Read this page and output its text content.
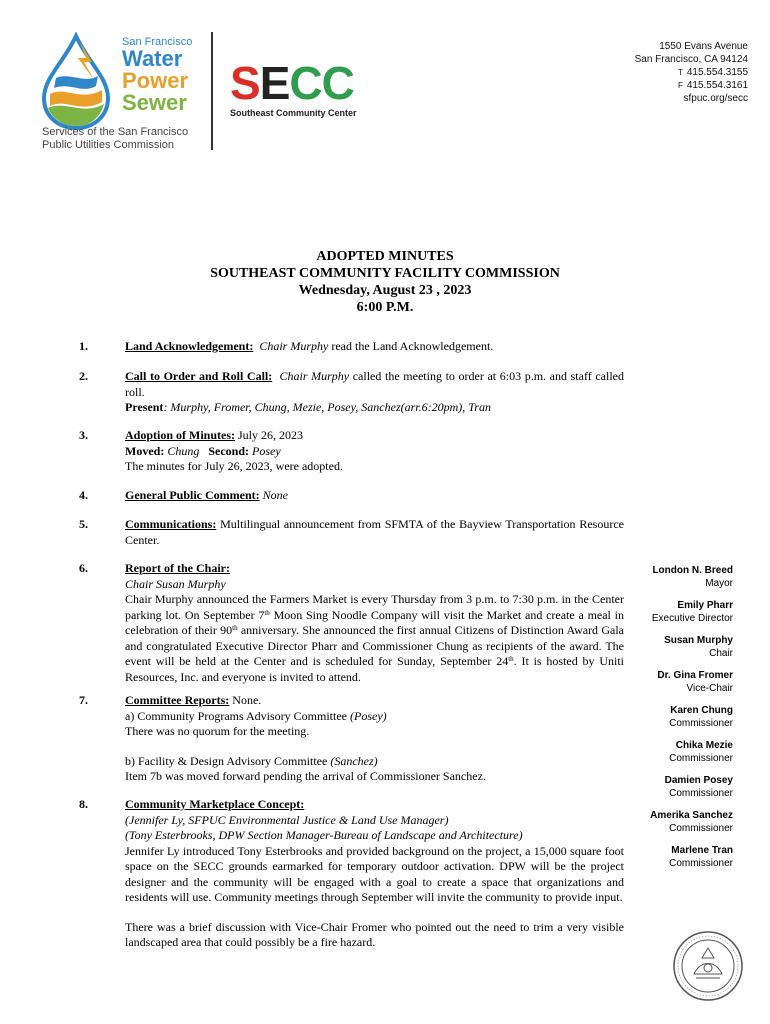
San Francisco
Water
Power
Sewer
Services of the San Francisco
Public Utilities Commission
SECC
Southeast Community Center
1550 Evans Avenue
San Francisco, CA 94124
T 415.554.3155
F 415.554.3161
sfpuc.org/secc
ADOPTED MINUTES
SOUTHEAST COMMUNITY FACILITY COMMISSION
Wednesday, August 23 , 2023
6:00 P.M.
1.	Land Acknowledgement: Chair Murphy read the Land Acknowledgement.
2.	Call to Order and Roll Call: Chair Murphy called the meeting to order at 6:03 p.m. and staff called roll.
Present: Murphy, Fromer, Chung, Mezie, Posey, Sanchez(arr.6:20pm), Tran
3.	Adoption of Minutes: July 26, 2023
Moved: Chung Second: Posey
The minutes for July 26, 2023, were adopted.
4.	General Public Comment: None
5.	Communications: Multilingual announcement from SFMTA of the Bayview Transportation Resource Center.
6.	Report of the Chair:
Chair Susan Murphy
Chair Murphy announced the Farmers Market is every Thursday from 3 p.m. to 7:30 p.m. in the Center parking lot. On September 7th Moon Sing Noodle Company will visit the Market and create a meal in celebration of their 90th anniversary. She announced the first annual Citizens of Distinction Award Gala and congratulated Executive Director Pharr and Commissioner Chung as recipients of the award. The event will be held at the Center and is scheduled for Sunday, September 24th. It is hosted by Uniti Resources, Inc. and everyone is invited to attend.
7.	Committee Reports: None.
a) Community Programs Advisory Committee (Posey)
There was no quorum for the meeting.

b) Facility & Design Advisory Committee (Sanchez)
Item 7b was moved forward pending the arrival of Commissioner Sanchez.
8.	Community Marketplace Concept:
(Jennifer Ly, SFPUC Environmental Justice & Land Use Manager)
(Tony Esterbrooks, DPW Section Manager-Bureau of Landscape and Architecture)
Jennifer Ly introduced Tony Esterbrooks and provided background on the project, a 15,000 square foot space on the SECC grounds earmarked for temporary outdoor activation. DPW will be the project designer and the community will be engaged with a goal to create a space that organizations and residents will use. Community meetings through September will invite the community to provide input.
There was a brief discussion with Vice-Chair Fromer who pointed out the need to trim a very visible landscaped area that could possibly be a fire hazard.
London N. Breed
Mayor
Emily Pharr
Executive Director
Susan Murphy
Chair
Dr. Gina Fromer
Vice-Chair
Karen Chung
Commissioner
Chika Mezie
Commissioner
Damien Posey
Commissioner
Amerika Sanchez
Commissioner
Marlene Tran
Commissioner
